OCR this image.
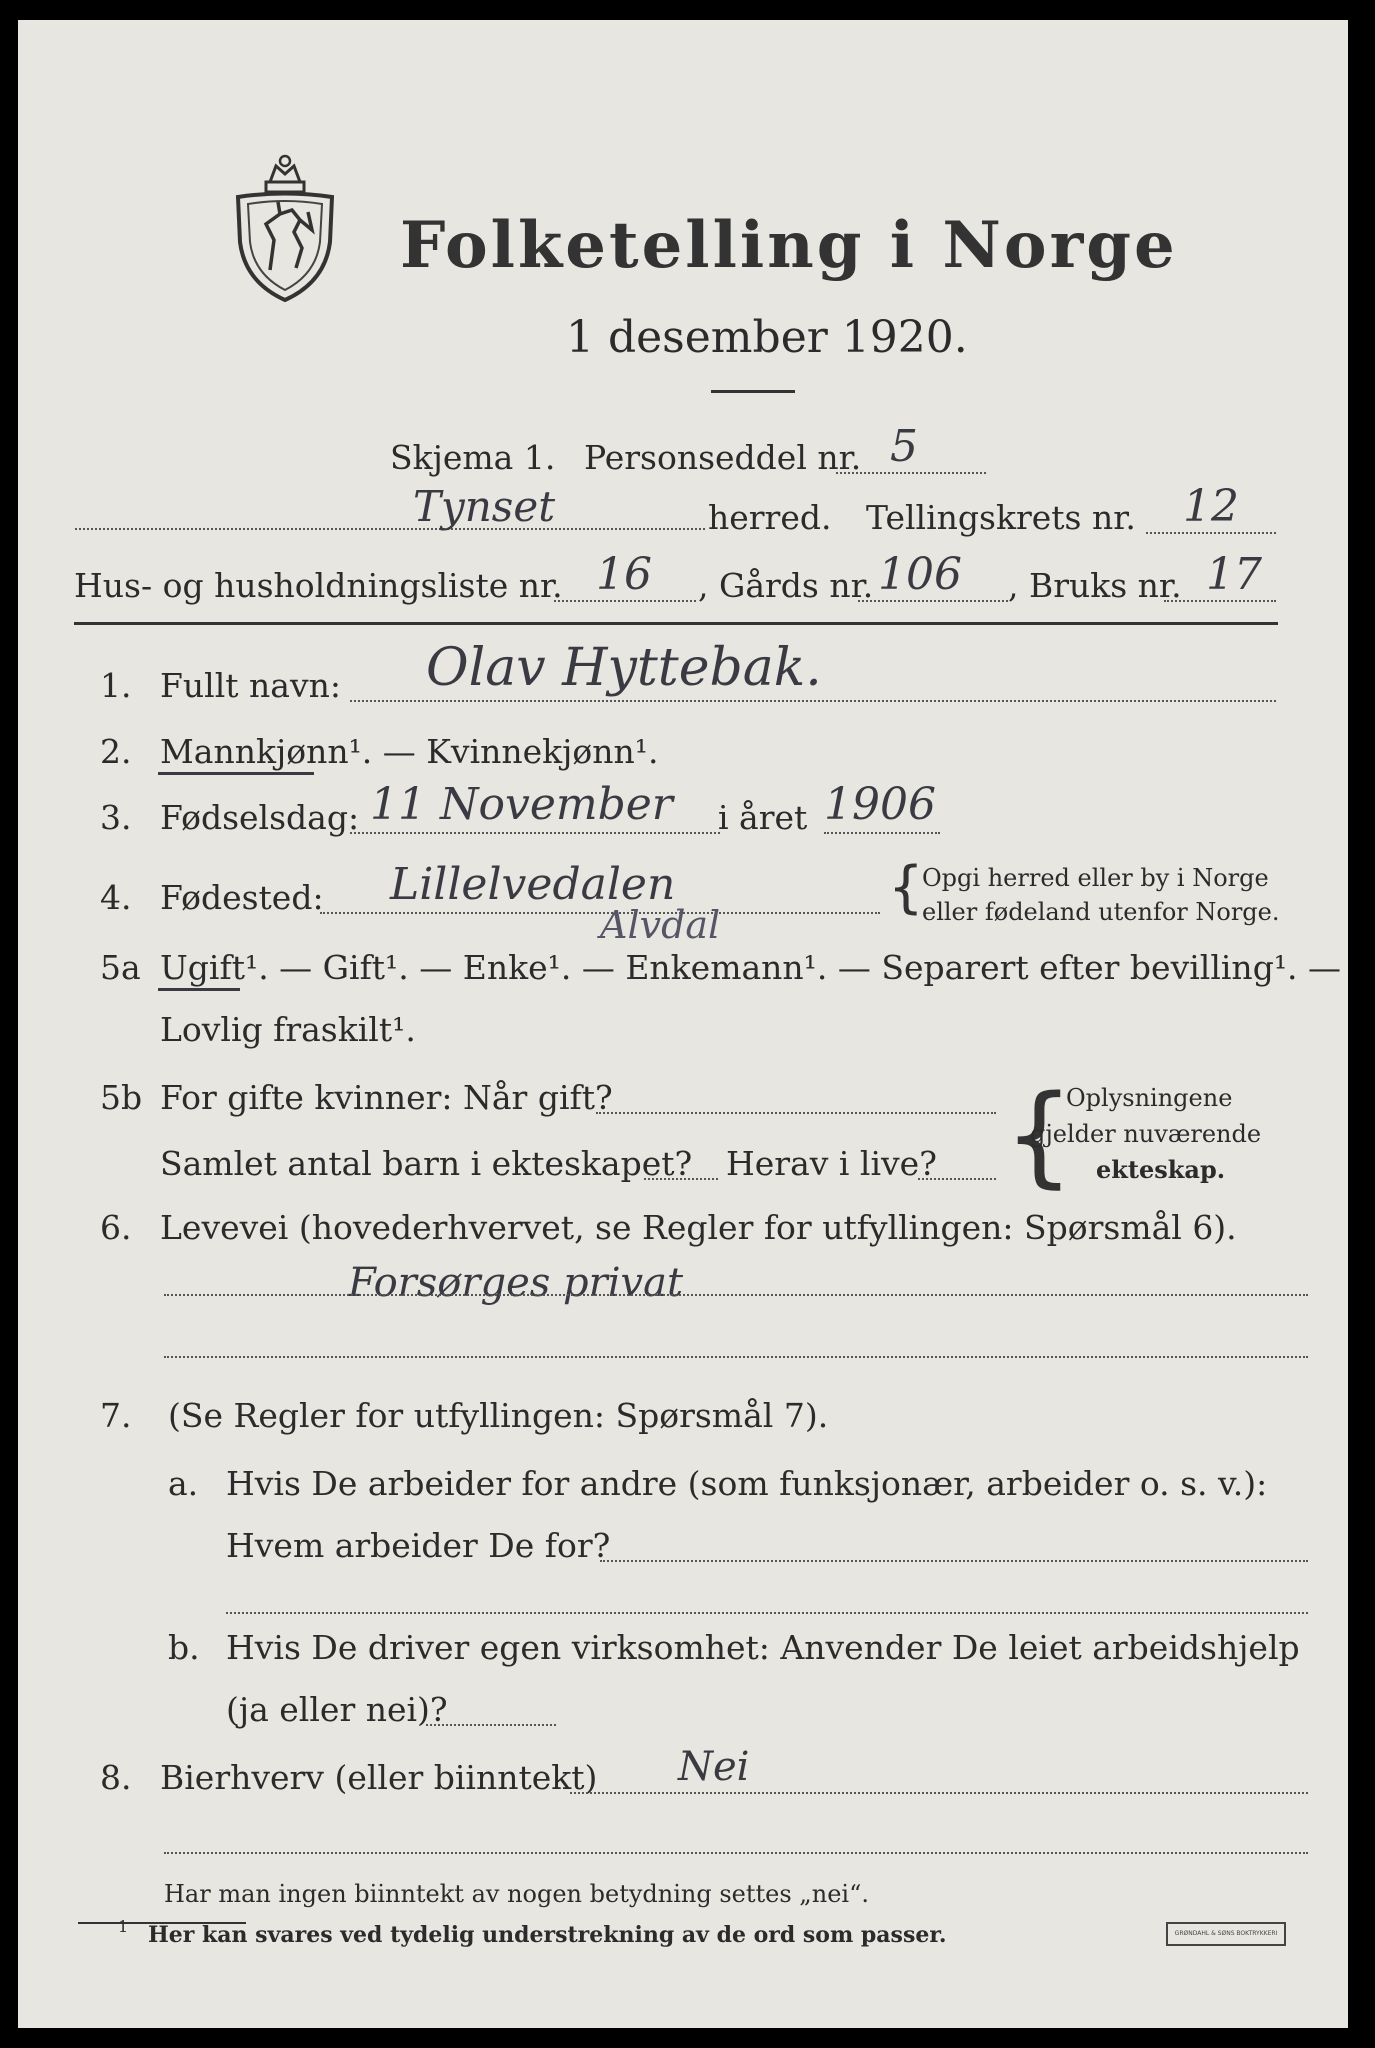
Folketelling i Norge
1 desember 1920.
Skjema 1. Personseddel nr. 5
Tynset	herred. Tellingskrets nr. 12
Hus- og husholdningsliste nr. 16 , Gårds nr. 106 , Bruks nr. 17
1. Fullt navn: Olav Hyttebak.
2. Mannkjønn¹. — Kvinnekjønn¹.
3. Fødselsdag: 11 November i året 1906
4. Fødested: Lillelvedalen
Alvdal
{
Opgi herred eller by i Norge
eller fødeland utenfor Norge.
5a Ugift¹. — Gift¹. — Enke¹. — Enkemann¹. — Separert efter bevilling¹. —
Lovlig fraskilt¹.
5b For gifte kvinner: Når gift?
Samlet antal barn i ekteskapet? Herav i live? {
Oplysningene
gjelder nuværende
ekteskap.
6. Levevei (hovederhvervet, se Regler for utfyllingen: Spørsmål 6).
Forsørges privat
7. (Se Regler for utfyllingen: Spørsmål 7).
a. Hvis De arbeider for andre (som funksjonær, arbeider o. s. v.):
Hvem arbeider De for?
b. Hvis De driver egen virksomhet: Anvender De leiet arbeidshjelp
(ja eller nei)?
8. Bierhverv (eller biinntekt) Nei
Har man ingen biinntekt av nogen betydning settes „nei“.
1 Her kan svares ved tydelig understrekning av de ord som passer.	GRØNDAHL & SØNS BOKTRYKKERI
